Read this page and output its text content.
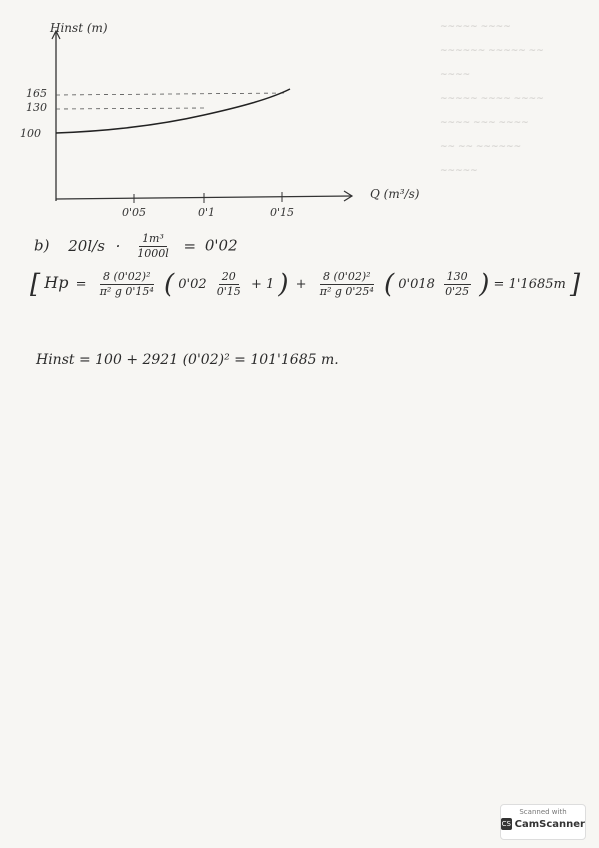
~~~~~ ~~~~
~~~~~~ ~~~~~ ~~
~~~~
~~~~~ ~~~~ ~~~~
~~~~ ~~~ ~~~~
~~ ~~ ~~~~~~
~~~~~
Hinst (m)
Q (m³/s)
165
130
100
0'05	0'1	0'15
b) $20l/s \cdot \frac{\text{1m³}}{1000l} = 0'02$
[ $Hp = \frac{\text{8 (0'02)²}}{\text{π² g 0'15⁴}}$ ( $0'02 \frac{20}{0'15} + 1$ ) + $\frac{\text{8 (0'02)²}}{\text{π² g 0'25⁴}}$ ( $0'018 \frac{130}{0'25}$ ) = 1'1685m ]
Hinst = 100 + 2921 (0'02)² = 101'1685 m.
Scanned with
CS CamScanner
